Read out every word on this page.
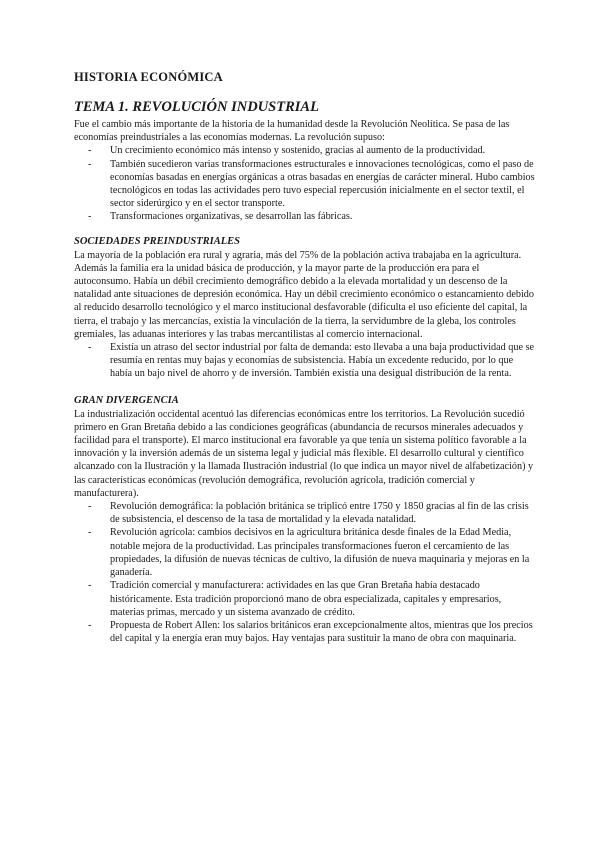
HISTORIA ECONÓMICA
TEMA 1. REVOLUCIÓN INDUSTRIAL

Fue el cambio más importante de la historia de la humanidad desde la Revolución Neolítica. Se pasa de las economías preindustriales a las economías modernas. La revolución supuso:

- Un crecimiento económico más intenso y sostenido, gracias al aumento de la productividad.
- También sucedieron varias transformaciones estructurales e innovaciones tecnológicas, como el paso de economías basadas en energías orgánicas a otras basadas en energías de carácter mineral. Hubo cambios tecnológicos en todas las actividades pero tuvo especial repercusión inicialmente en el sector textil, el sector siderúrgico y en el sector transporte.
- Transformaciones organizativas, se desarrollan las fábricas.
SOCIEDADES PREINDUSTRIALES

La mayoría de la población era rural y agraria, más del 75% de la población activa trabajaba en la agricultura. Además la familia era la unidad básica de producción, y la mayor parte de la producción era para el autoconsumo. Había un débil crecimiento demográfico debido a la elevada mortalidad y un descenso de la natalidad ante situaciones de depresión económica. Hay un débil crecimiento económico o estancamiento debido al reducido desarrollo tecnológico y el marco institucional desfavorable (dificulta el uso eficiente del capital, la tierra, el trabajo y las mercancías, existía la vinculación de la tierra, la servidumbre de la gleba, los controles gremiales, las aduanas interiores y las trabas mercantilistas al comercio internacional.

- Existía un atraso del sector industrial por falta de demanda: esto llevaba a una baja productividad que se resumía en rentas muy bajas y economías de subsistencia. Había un excedente reducido, por lo que había un bajo nivel de ahorro y de inversión. También existía una desigual distribución de la renta.
GRAN DIVERGENCIA

La industrialización occidental acentuó las diferencias económicas entre los territorios. La Revolución sucedió primero en Gran Bretaña debido a las condiciones geográficas (abundancia de recursos minerales adecuados y facilidad para el transporte). El marco institucional era favorable ya que tenía un sistema político favorable a la innovación y la inversión además de un sistema legal y judicial más flexible. El desarrollo cultural y científico alcanzado con la Ilustración y la llamada Ilustración industrial (lo que indica un mayor nivel de alfabetización) y las características económicas (revolución demográfica, revolución agrícola, tradición comercial y manufacturera).

- Revolución demográfica: la población británica se triplicó entre 1750 y 1850 gracias al fin de las crisis de subsistencia, el descenso de la tasa de mortalidad y la elevada natalidad.
- Revolución agrícola: cambios decisivos en la agricultura británica desde finales de la Edad Media, notable mejora de la productividad. Las principales transformaciones fueron el cercamiento de las propiedades, la difusión de nuevas técnicas de cultivo, la difusión de nueva maquinaria y mejoras en la ganadería.
- Tradición comercial y manufacturera: actividades en las que Gran Bretaña había destacado históricamente. Esta tradición proporcionó mano de obra especializada, capitales y empresarios, materias primas, mercado y un sistema avanzado de crédito.
- Propuesta de Robert Allen: los salarios británicos eran excepcionalmente altos, mientras que los precios del capital y la energía eran muy bajos. Hay ventajas para sustituir la mano de obra con maquinaria.
